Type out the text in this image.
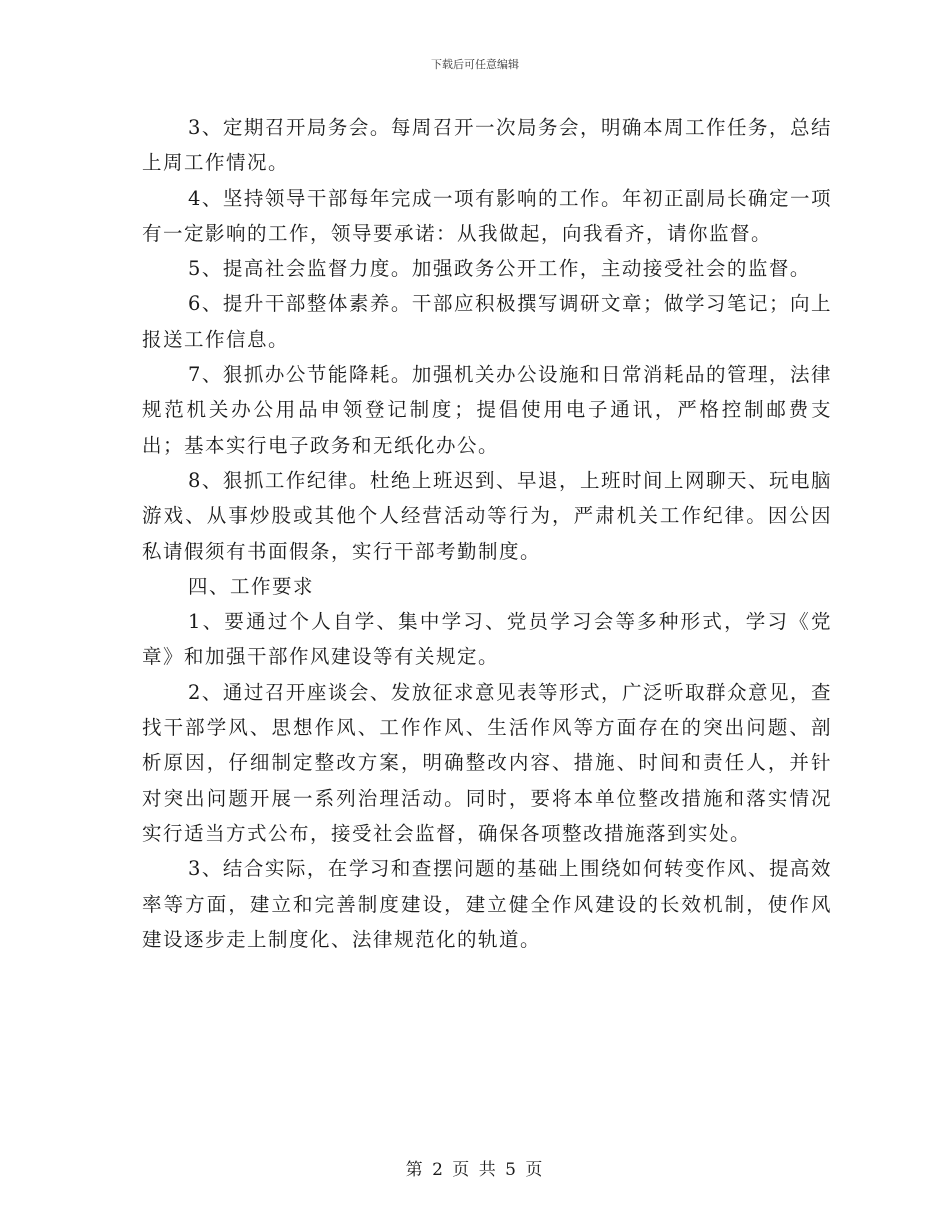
下载后可任意编辑

3、定期召开局务会。每周召开一次局务会，明确本周工作任务，总结上周工作情况。

4、坚持领导干部每年完成一项有影响的工作。年初正副局长确定一项有一定影响的工作，领导要承诺：从我做起，向我看齐，请你监督。

5、提高社会监督力度。加强政务公开工作，主动接受社会的监督。

6、提升干部整体素养。干部应积极撰写调研文章；做学习笔记；向上报送工作信息。

7、狠抓办公节能降耗。加强机关办公设施和日常消耗品的管理，法律规范机关办公用品申领登记制度；提倡使用电子通讯，严格控制邮费支出；基本实行电子政务和无纸化办公。

8、狠抓工作纪律。杜绝上班迟到、早退，上班时间上网聊天、玩电脑游戏、从事炒股或其他个人经营活动等行为，严肃机关工作纪律。因公因私请假须有书面假条，实行干部考勤制度。

四、工作要求

1、要通过个人自学、集中学习、党员学习会等多种形式，学习《党章》和加强干部作风建设等有关规定。

2、通过召开座谈会、发放征求意见表等形式，广泛听取群众意见，查找干部学风、思想作风、工作作风、生活作风等方面存在的突出问题、剖析原因，仔细制定整改方案，明确整改内容、措施、时间和责任人，并针对突出问题开展一系列治理活动。同时，要将本单位整改措施和落实情况实行适当方式公布，接受社会监督，确保各项整改措施落到实处。

3、结合实际，在学习和查摆问题的基础上围绕如何转变作风、提高效率等方面，建立和完善制度建设，建立健全作风建设的长效机制，使作风建设逐步走上制度化、法律规范化的轨道。

第 2 页 共 5 页
